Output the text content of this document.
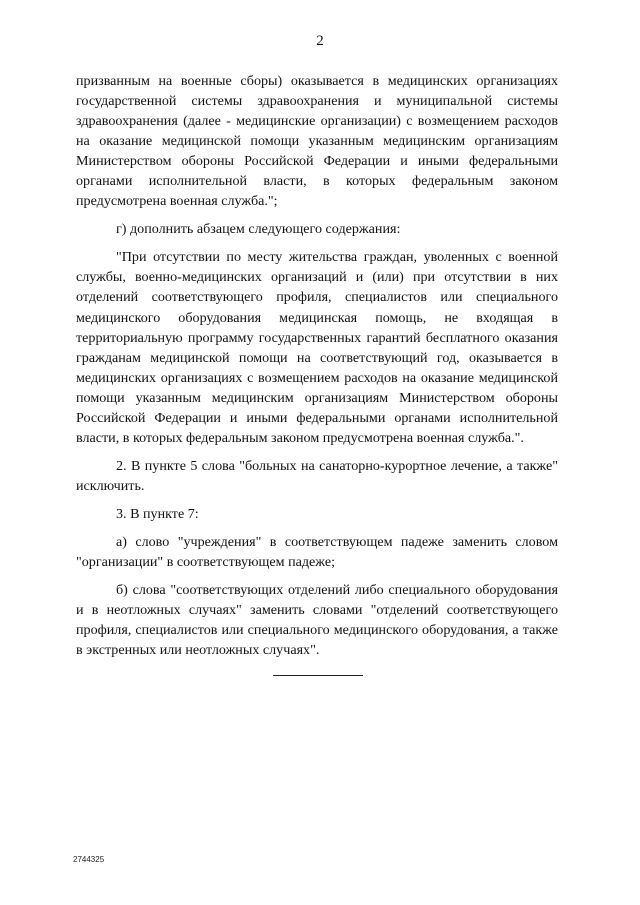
2

призванным на военные сборы) оказывается в медицинских организациях государственной системы здравоохранения и муниципальной системы здравоохранения (далее - медицинские организации) с возмещением расходов на оказание медицинской помощи указанным медицинским организациям Министерством обороны Российской Федерации и иными федеральными органами исполнительной власти, в которых федеральным законом предусмотрена военная служба.";

г) дополнить абзацем следующего содержания:

"При отсутствии по месту жительства граждан, уволенных с военной службы, военно-медицинских организаций и (или) при отсутствии в них отделений соответствующего профиля, специалистов или специального медицинского оборудования медицинская помощь, не входящая в территориальную программу государственных гарантий бесплатного оказания гражданам медицинской помощи на соответствующий год, оказывается в медицинских организациях с возмещением расходов на оказание медицинской помощи указанным медицинским организациям Министерством обороны Российской Федерации и иными федеральными органами исполнительной власти, в которых федеральным законом предусмотрена военная служба.".

2. В пункте 5 слова "больных на санаторно-курортное лечение, а также" исключить.

3. В пункте 7:

а) слово "учреждения" в соответствующем падеже заменить словом "организации" в соответствующем падеже;

б) слова "соответствующих отделений либо специального оборудования и в неотложных случаях" заменить словами "отделений соответствующего профиля, специалистов или специального медицинского оборудования, а также в экстренных или неотложных случаях".

2744325
